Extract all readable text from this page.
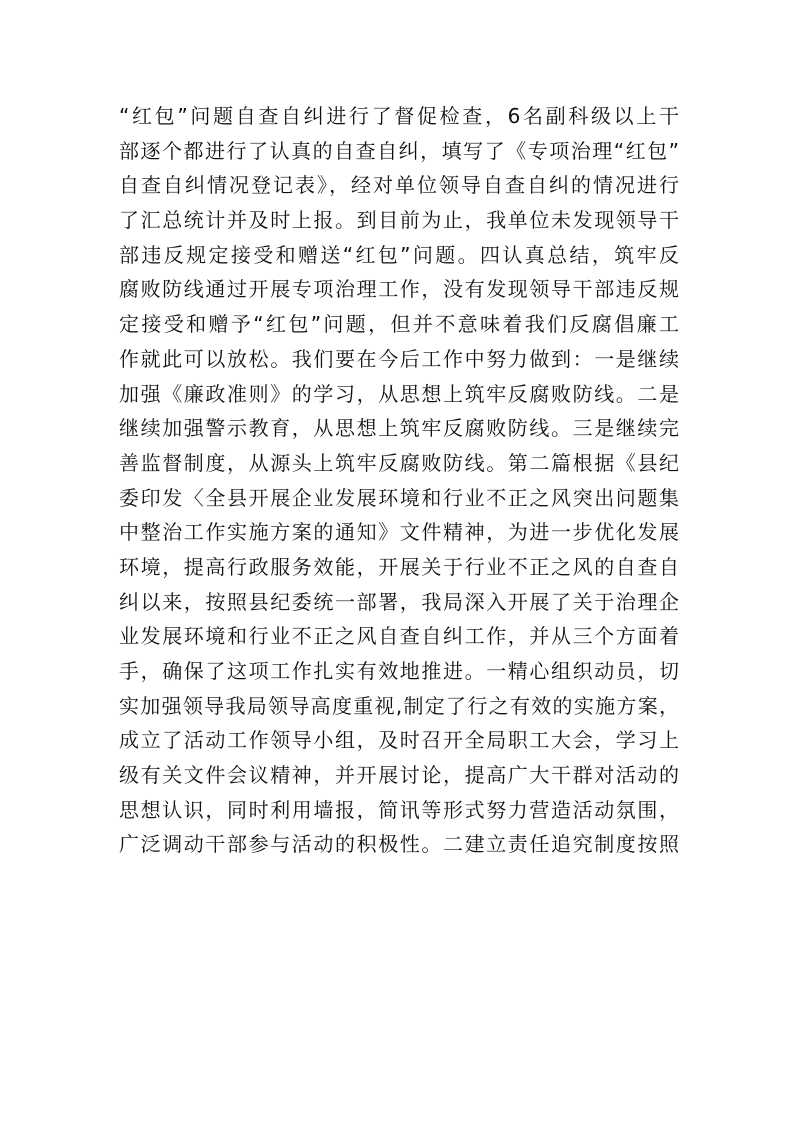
“红包”问题自查自纠进行了督促检查，6名副科级以上干
部逐个都进行了认真的自查自纠，填写了《专项治理“红包”
自查自纠情况登记表》，经对单位领导自查自纠的情况进行
了汇总统计并及时上报。到目前为止，我单位未发现领导干
部违反规定接受和赠送“红包”问题。四认真总结，筑牢反
腐败防线通过开展专项治理工作，没有发现领导干部违反规
定接受和赠予“红包”问题，但并不意味着我们反腐倡廉工
作就此可以放松。我们要在今后工作中努力做到：一是继续
加强《廉政准则》的学习，从思想上筑牢反腐败防线。二是
继续加强警示教育，从思想上筑牢反腐败防线。三是继续完
善监督制度，从源头上筑牢反腐败防线。第二篇根据《县纪
委印发〈全县开展企业发展环境和行业不正之风突出问题集
中整治工作实施方案的通知》文件精神，为进一步优化发展
环境，提高行政服务效能，开展关于行业不正之风的自查自
纠以来，按照县纪委统一部署，我局深入开展了关于治理企
业发展环境和行业不正之风自查自纠工作，并从三个方面着
手，确保了这项工作扎实有效地推进。一精心组织动员，切
实加强领导我局领导高度重视,制定了行之有效的实施方案，
成立了活动工作领导小组，及时召开全局职工大会，学习上
级有关文件会议精神，并开展讨论，提高广大干群对活动的
思想认识，同时利用墙报，简讯等形式努力营造活动氛围，
广泛调动干部参与活动的积极性。二建立责任追究制度按照
